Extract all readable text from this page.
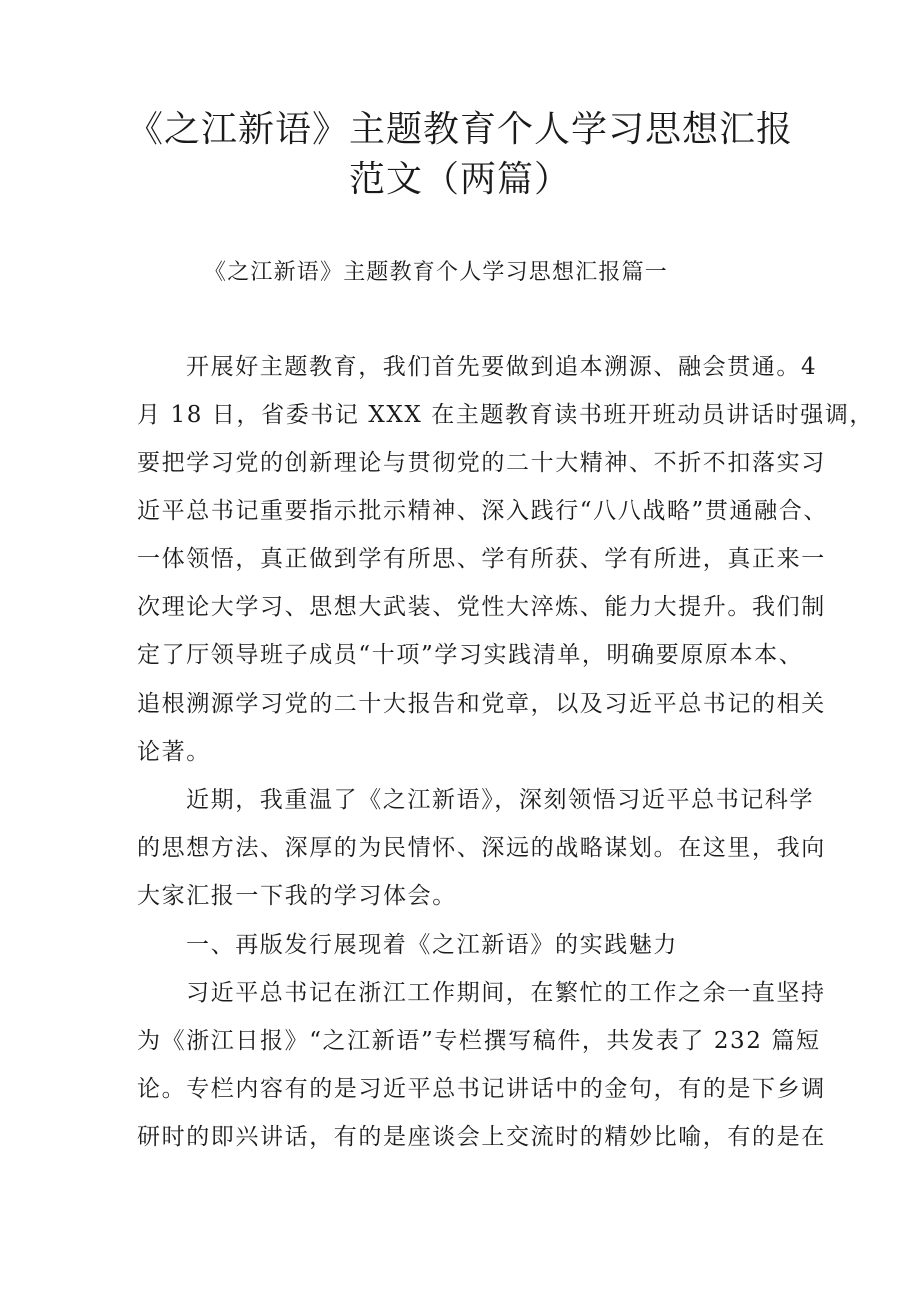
《之江新语》主题教育个人学习思想汇报
范文（两篇）
《之江新语》主题教育个人学习思想汇报篇一
开展好主题教育，我们首先要做到追本溯源、融会贯通。4
月 18 日，省委书记 XXX 在主题教育读书班开班动员讲话时强调，
要把学习党的创新理论与贯彻党的二十大精神、不折不扣落实习
近平总书记重要指示批示精神、深入践行“八八战略”贯通融合、
一体领悟，真正做到学有所思、学有所获、学有所进，真正来一
次理论大学习、思想大武装、党性大淬炼、能力大提升。我们制
定了厅领导班子成员“十项”学习实践清单，明确要原原本本、
追根溯源学习党的二十大报告和党章，以及习近平总书记的相关
论著。
近期，我重温了《之江新语》，深刻领悟习近平总书记科学
的思想方法、深厚的为民情怀、深远的战略谋划。在这里，我向
大家汇报一下我的学习体会。
一、再版发行展现着《之江新语》的实践魅力
习近平总书记在浙江工作期间，在繁忙的工作之余一直坚持
为《浙江日报》“之江新语”专栏撰写稿件，共发表了 232 篇短
论。专栏内容有的是习近平总书记讲话中的金句，有的是下乡调
研时的即兴讲话，有的是座谈会上交流时的精妙比喻，有的是在
